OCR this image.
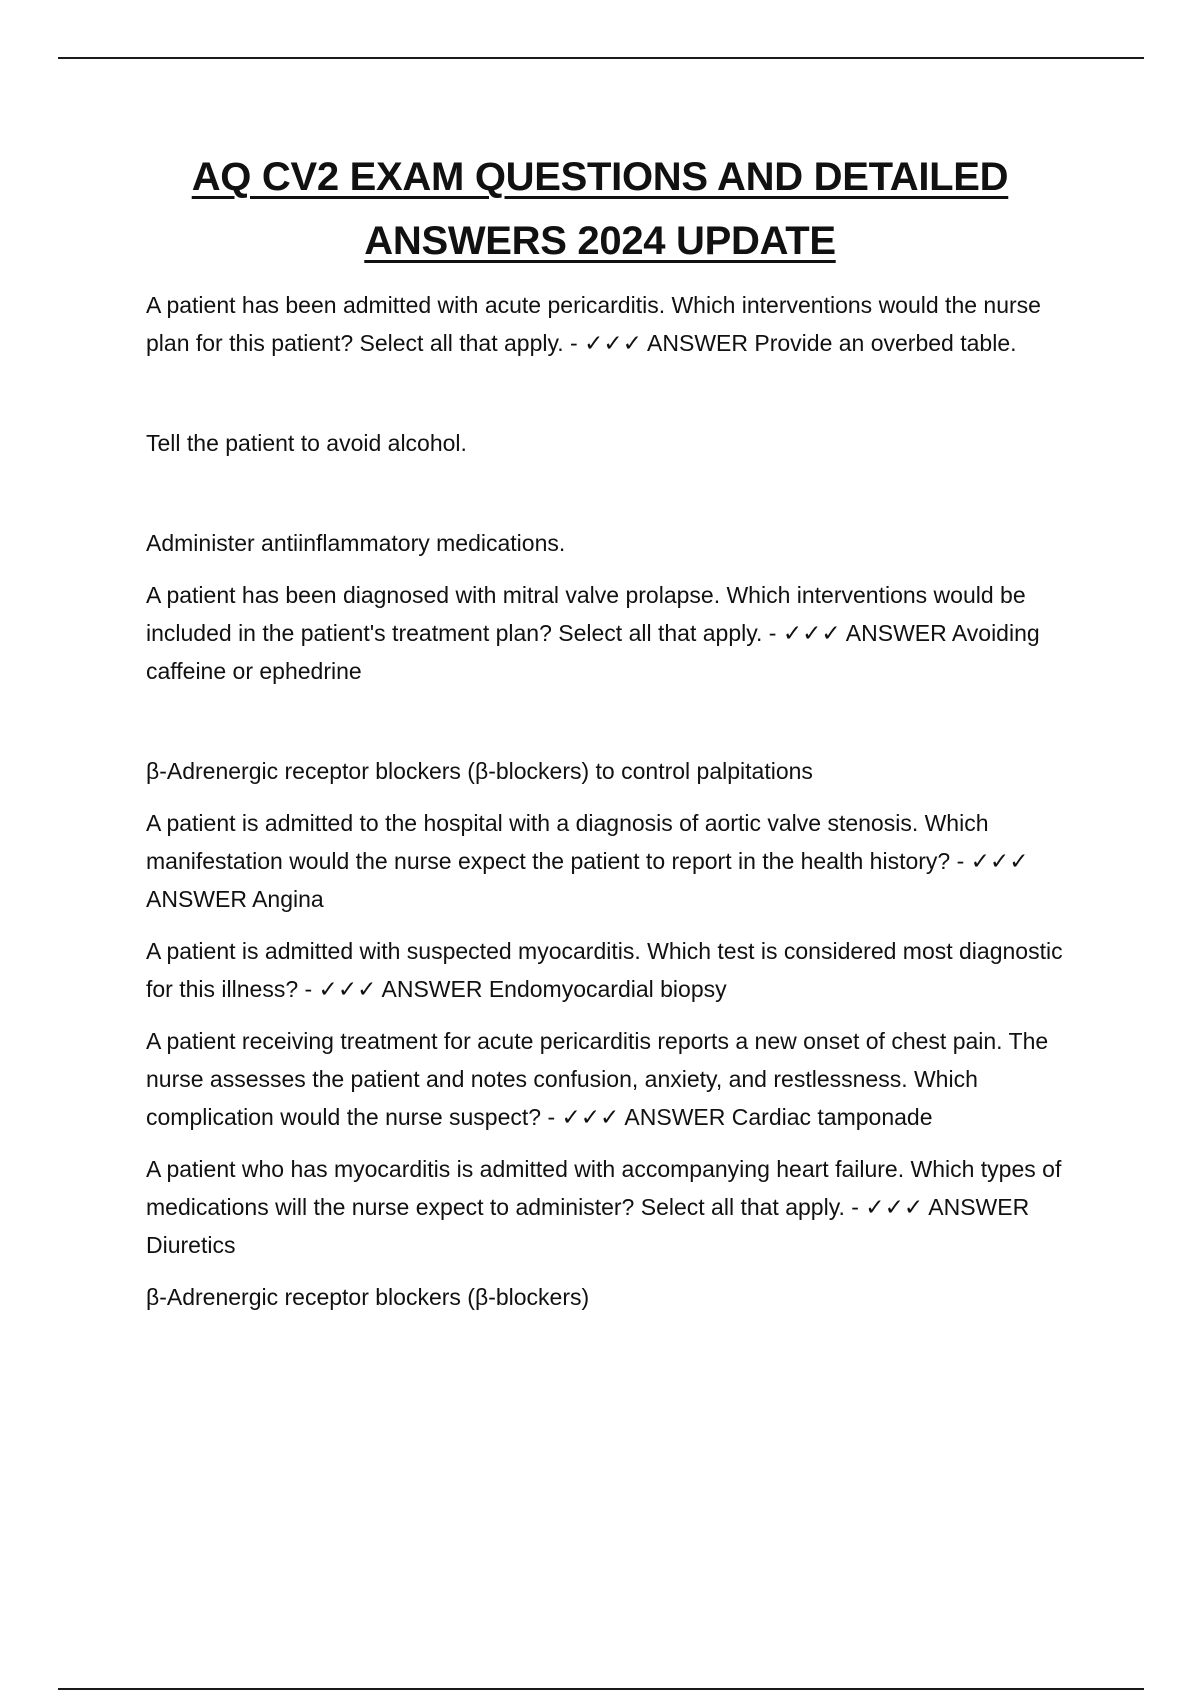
AQ CV2 EXAM QUESTIONS AND DETAILED
ANSWERS 2024 UPDATE

A patient has been admitted with acute pericarditis. Which interventions would the nurse plan for this patient? Select all that apply. - ✓✓✓ ANSWER Provide an overbed table.

Tell the patient to avoid alcohol.

Administer antiinflammatory medications.

A patient has been diagnosed with mitral valve prolapse. Which interventions would be included in the patient's treatment plan? Select all that apply. - ✓✓✓ ANSWER Avoiding caffeine or ephedrine

β-Adrenergic receptor blockers (β-blockers) to control palpitations

A patient is admitted to the hospital with a diagnosis of aortic valve stenosis. Which manifestation would the nurse expect the patient to report in the health history? - ✓✓✓ ANSWER Angina

A patient is admitted with suspected myocarditis. Which test is considered most diagnostic for this illness? - ✓✓✓ ANSWER Endomyocardial biopsy

A patient receiving treatment for acute pericarditis reports a new onset of chest pain. The nurse assesses the patient and notes confusion, anxiety, and restlessness. Which complication would the nurse suspect? - ✓✓✓ ANSWER Cardiac tamponade

A patient who has myocarditis is admitted with accompanying heart failure. Which types of medications will the nurse expect to administer? Select all that apply. - ✓✓✓ ANSWER Diuretics

β-Adrenergic receptor blockers (β-blockers)
